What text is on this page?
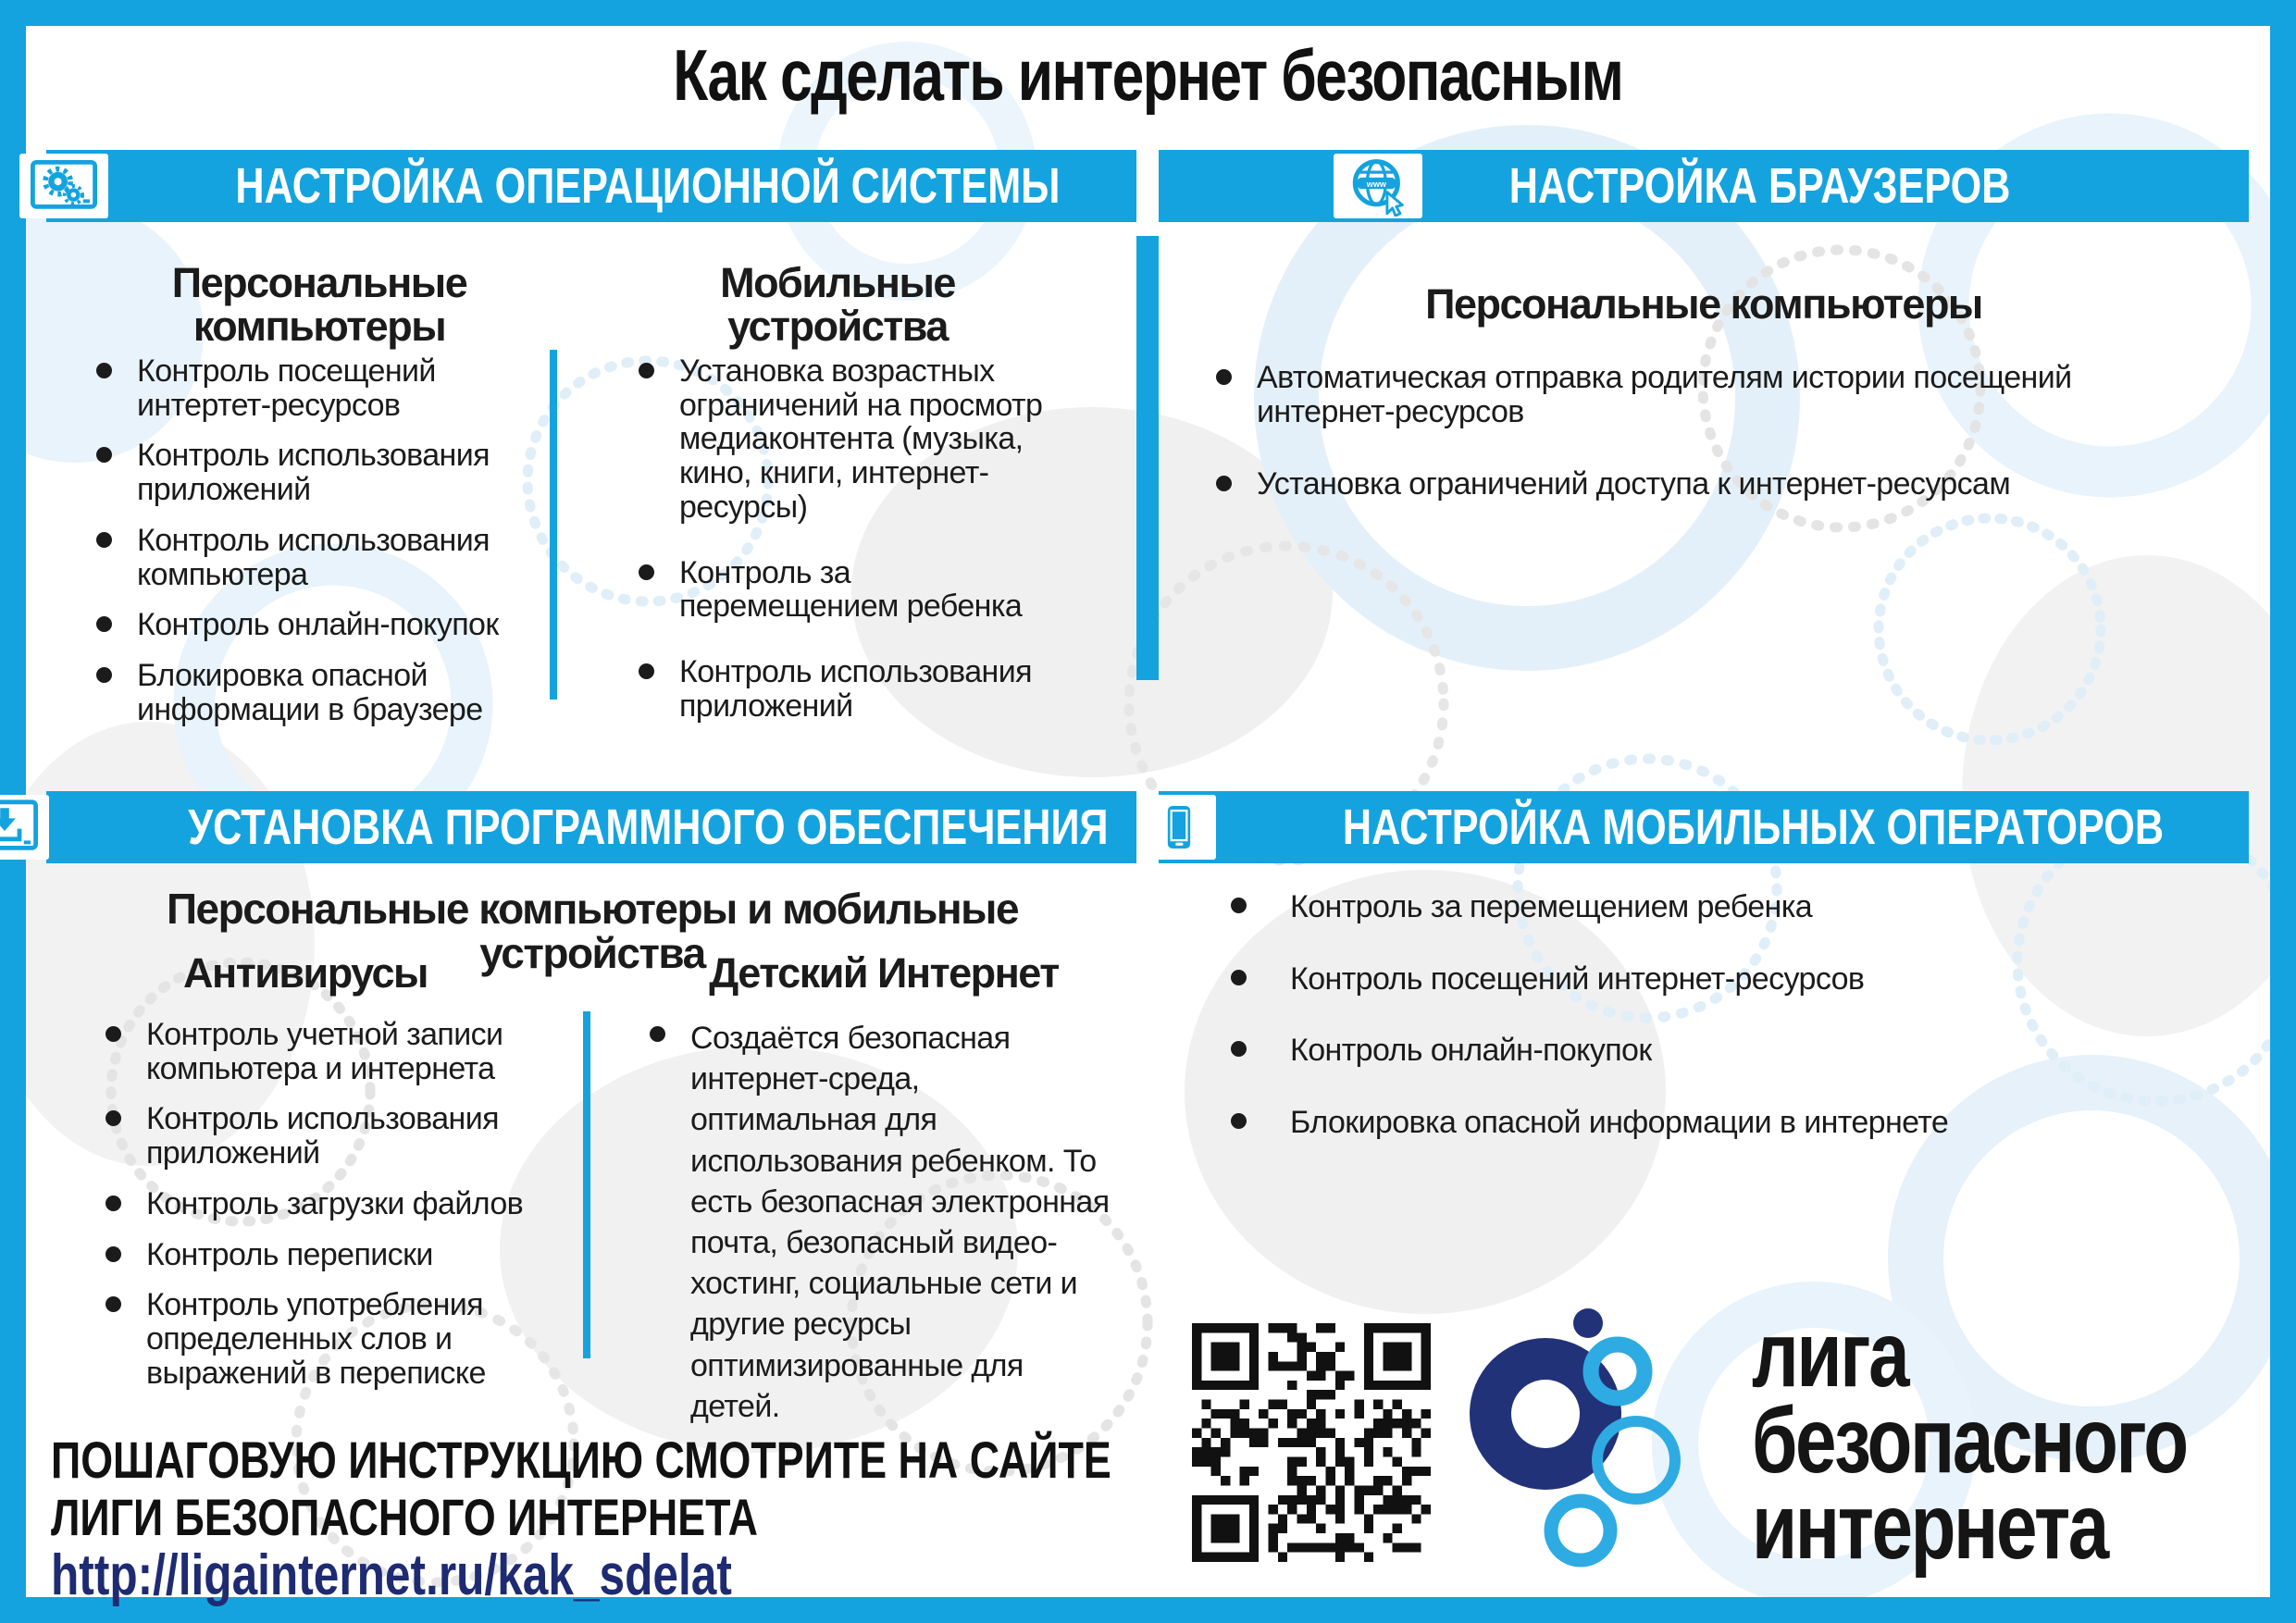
Как сделать интернет безопасным
НАСТРОЙКА ОПЕРАЦИОННОЙ СИСТЕМЫ
Персональные компьютеры
Контроль посещений интертет-ресурсов
Контроль использования приложений
Контроль использования компьютера
Контроль онлайн-покупок
Блокировка опасной информации в браузере
Мобильные устройства
Установка возрастных ограничений на просмотр медиаконтента (музыка, кино, книги, интернет-ресурсы)
Контроль за перемещением ребенка
Контроль использования приложений
www	НАСТРОЙКА БРАУЗЕРОВ
Персональные компьютеры
Автоматическая отправка родителям истории посещений интернет-ресурсов
Установка ограничений доступа к интернет-ресурсам
УСТАНОВКА ПРОГРАММНОГО ОБЕСПЕЧЕНИЯ
Персональные компьютеры и мобильные устройства
Антивирусы
Контроль учетной записи компьютера и интернета
Контроль использования приложений
Контроль загрузки файлов
Контроль переписки
Контроль употребления определенных слов и выражений в переписке
Детский Интернет
Создаётся безопасная интернет-среда, оптимальная для использования ребенком. То есть безопасная электронная почта, безопасный видео-хостинг, социальные сети и другие ресурсы оптимизированные для детей.
НАСТРОЙКА МОБИЛЬНЫХ ОПЕРАТОРОВ
Контроль за перемещением ребенка
Контроль посещений интернет-ресурсов
Контроль онлайн-покупок
Блокировка опасной информации в интернете
ПОШАГОВУЮ ИНСТРУКЦИЮ СМОТРИТЕ НА САЙТЕ
ЛИГИ БЕЗОПАСНОГО ИНТЕРНЕТА
http://ligainternet.ru/kak_sdelat
лига
безопасного
интернета
